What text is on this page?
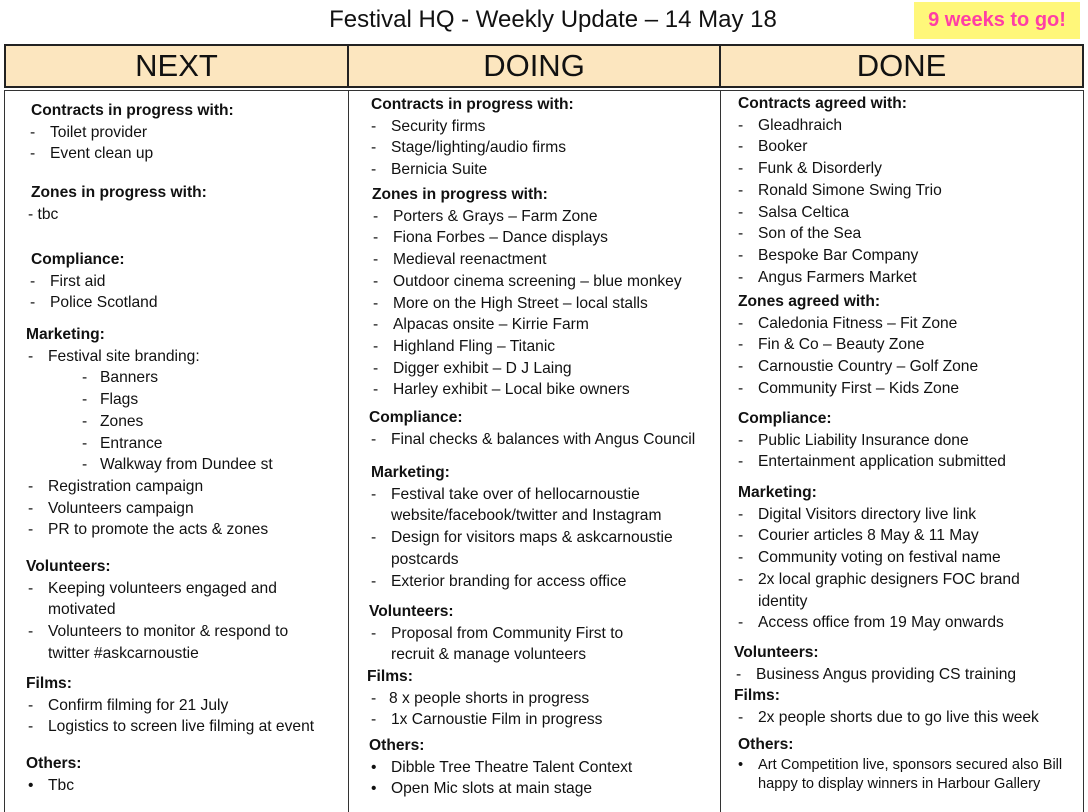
Festival HQ - Weekly Update – 14 May 18	9 weeks to go!
NEXT	DOING	DONE
Contracts in progress with:
- Toilet provider
- Event clean up
Zones in progress with:
- tbc
Compliance:
- First aid
- Police Scotland
Marketing:
- Festival site branding:
- Banners
- Flags
- Zones
- Entrance
- Walkway from Dundee st
- Registration campaign
- Volunteers campaign
- PR to promote the acts & zones
Volunteers:
- Keeping volunteers engaged and motivated
- Volunteers to monitor & respond to twitter #askcarnoustie
Films:
- Confirm filming for 21 July
- Logistics to screen live filming at event
Others:
• Tbc
Contracts in progress with:
- Security firms
- Stage/lighting/audio firms
- Bernicia Suite
Zones in progress with:
- Porters & Grays – Farm Zone
- Fiona Forbes – Dance displays
- Medieval reenactment
- Outdoor cinema screening – blue monkey
- More on the High Street – local stalls
- Alpacas onsite – Kirrie Farm
- Highland Fling – Titanic
- Digger exhibit – D J Laing
- Harley exhibit – Local bike owners
Compliance:
- Final checks & balances with Angus Council
Marketing:
- Festival take over of hellocarnoustie website/facebook/twitter and Instagram
- Design for visitors maps & askcarnoustie postcards
- Exterior branding for access office
Volunteers:
- Proposal from Community First to recruit & manage volunteers
Films:
- 8 x people shorts in progress
- 1x Carnoustie Film in progress
Others:
• Dibble Tree Theatre Talent Context
• Open Mic slots at main stage
Contracts agreed with:
- Gleadhraich
- Booker
- Funk & Disorderly
- Ronald Simone Swing Trio
- Salsa Celtica
- Son of the Sea
- Bespoke Bar Company
- Angus Farmers Market
Zones agreed with:
- Caledonia Fitness – Fit Zone
- Fin & Co – Beauty Zone
- Carnoustie Country – Golf Zone
- Community First – Kids Zone
Compliance:
- Public Liability Insurance done
- Entertainment application submitted
Marketing:
- Digital Visitors directory live link
- Courier articles 8 May & 11 May
- Community voting on festival name
- 2x local graphic designers FOC brand identity
- Access office from 19 May onwards
Volunteers:
- Business Angus providing CS training
Films:
- 2x people shorts due to go live this week
Others:
• Art Competition live, sponsors secured also Bill happy to display winners in Harbour Gallery
